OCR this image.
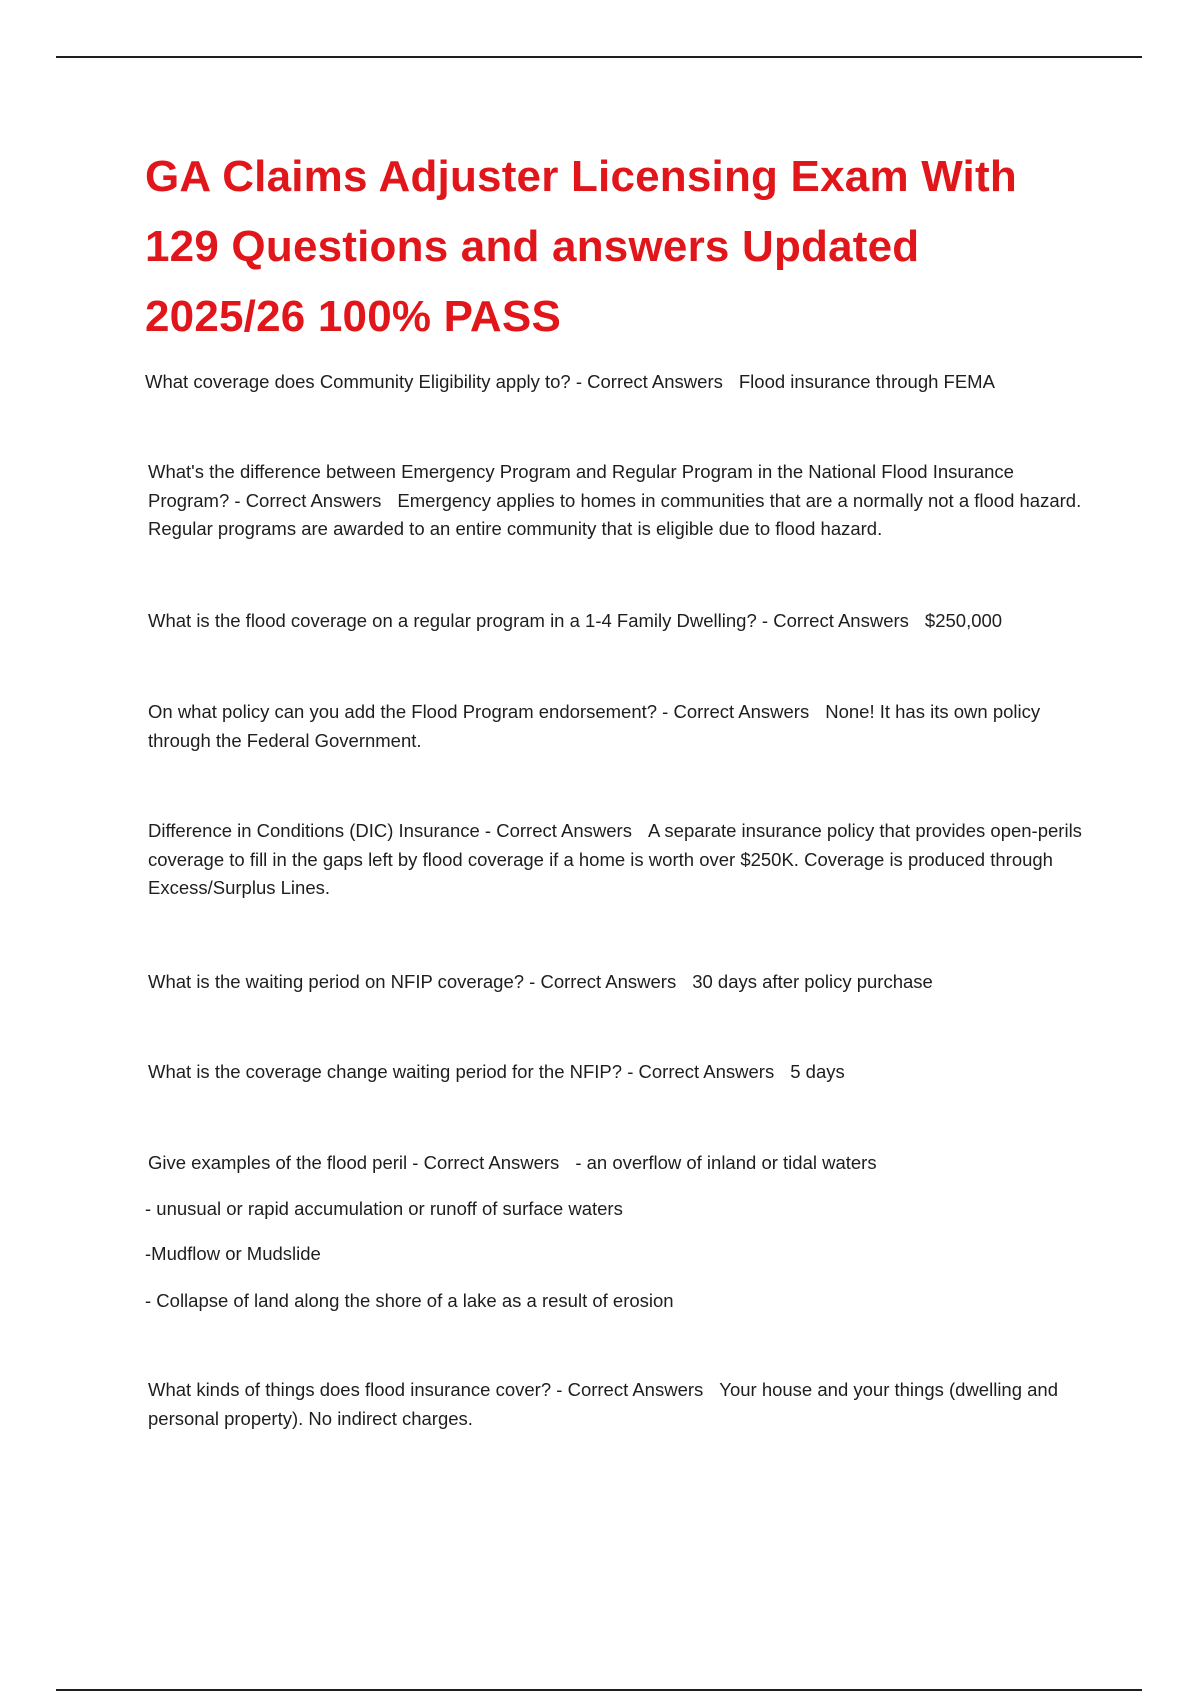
GA Claims Adjuster Licensing Exam With 129 Questions and answers Updated 2025/26 100% PASS

What coverage does Community Eligibility apply to? - Correct Answers Flood insurance through FEMA

What's the difference between Emergency Program and Regular Program in the National Flood Insurance Program? - Correct Answers Emergency applies to homes in communities that are a normally not a flood hazard. Regular programs are awarded to an entire community that is eligible due to flood hazard.

What is the flood coverage on a regular program in a 1-4 Family Dwelling? - Correct Answers $250,000

On what policy can you add the Flood Program endorsement? - Correct Answers None! It has its own policy through the Federal Government.

Difference in Conditions (DIC) Insurance - Correct Answers A separate insurance policy that provides open-perils coverage to fill in the gaps left by flood coverage if a home is worth over $250K. Coverage is produced through Excess/Surplus Lines.

What is the waiting period on NFIP coverage? - Correct Answers 30 days after policy purchase

What is the coverage change waiting period for the NFIP? - Correct Answers 5 days

Give examples of the flood peril - Correct Answers - an overflow of inland or tidal waters

- unusual or rapid accumulation or runoff of surface waters

-Mudflow or Mudslide

- Collapse of land along the shore of a lake as a result of erosion

What kinds of things does flood insurance cover? - Correct Answers Your house and your things (dwelling and personal property). No indirect charges.
